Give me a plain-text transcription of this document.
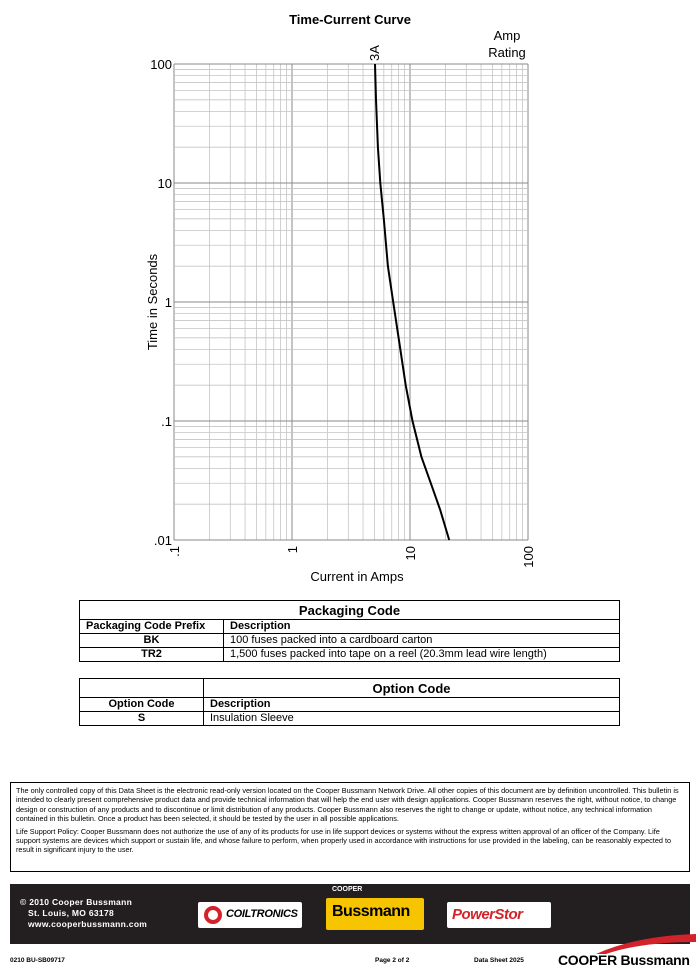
Time-Current Curve
3A
.01
.1
1
10
100
.1	1	10	100
Current in Amps
Time in Seconds
Amp
Rating
Packaging Code	
Packaging Code Prefix	Description
BK	100 fuses packed into a cardboard carton
TR2	1,500 fuses packed into tape on a reel (20.3mm lead wire length)
	Option Code
Option Code	Description
S	Insulation Sleeve

The only controlled copy of this Data Sheet is the electronic read-only version located on the Cooper Bussmann Network Drive. All other copies of this document are by definition uncontrolled. This bulletin is intended to clearly present comprehensive product data and provide technical information that will help the end user with design applications. Cooper Bussmann reserves the right, without notice, to change design or construction of any products and to discontinue or limit distribution of any products. Cooper Bussmann also reserves the right to change or update, without notice, any technical information contained in this bulletin. Once a product has been selected, it should be tested by the user in all possible applications.

Life Support Policy: Cooper Bussmann does not authorize the use of any of its products for use in life support devices or systems without the express written approval of an officer of the Company. Life support systems are devices which support or sustain life, and whose failure to perform, when properly used in accordance with instructions for use provided in the labeling, can be reasonably expected to result in significant injury to the user.

© 2010 Cooper Bussmann
St. Louis, MO 63178
www.cooperbussmann.com
COILTRONICS
COOPER
Bussmann	PowerStor
0210 BU-SB09717	Page 2 of 2	Data Sheet 2025 COOPER Bussmann
